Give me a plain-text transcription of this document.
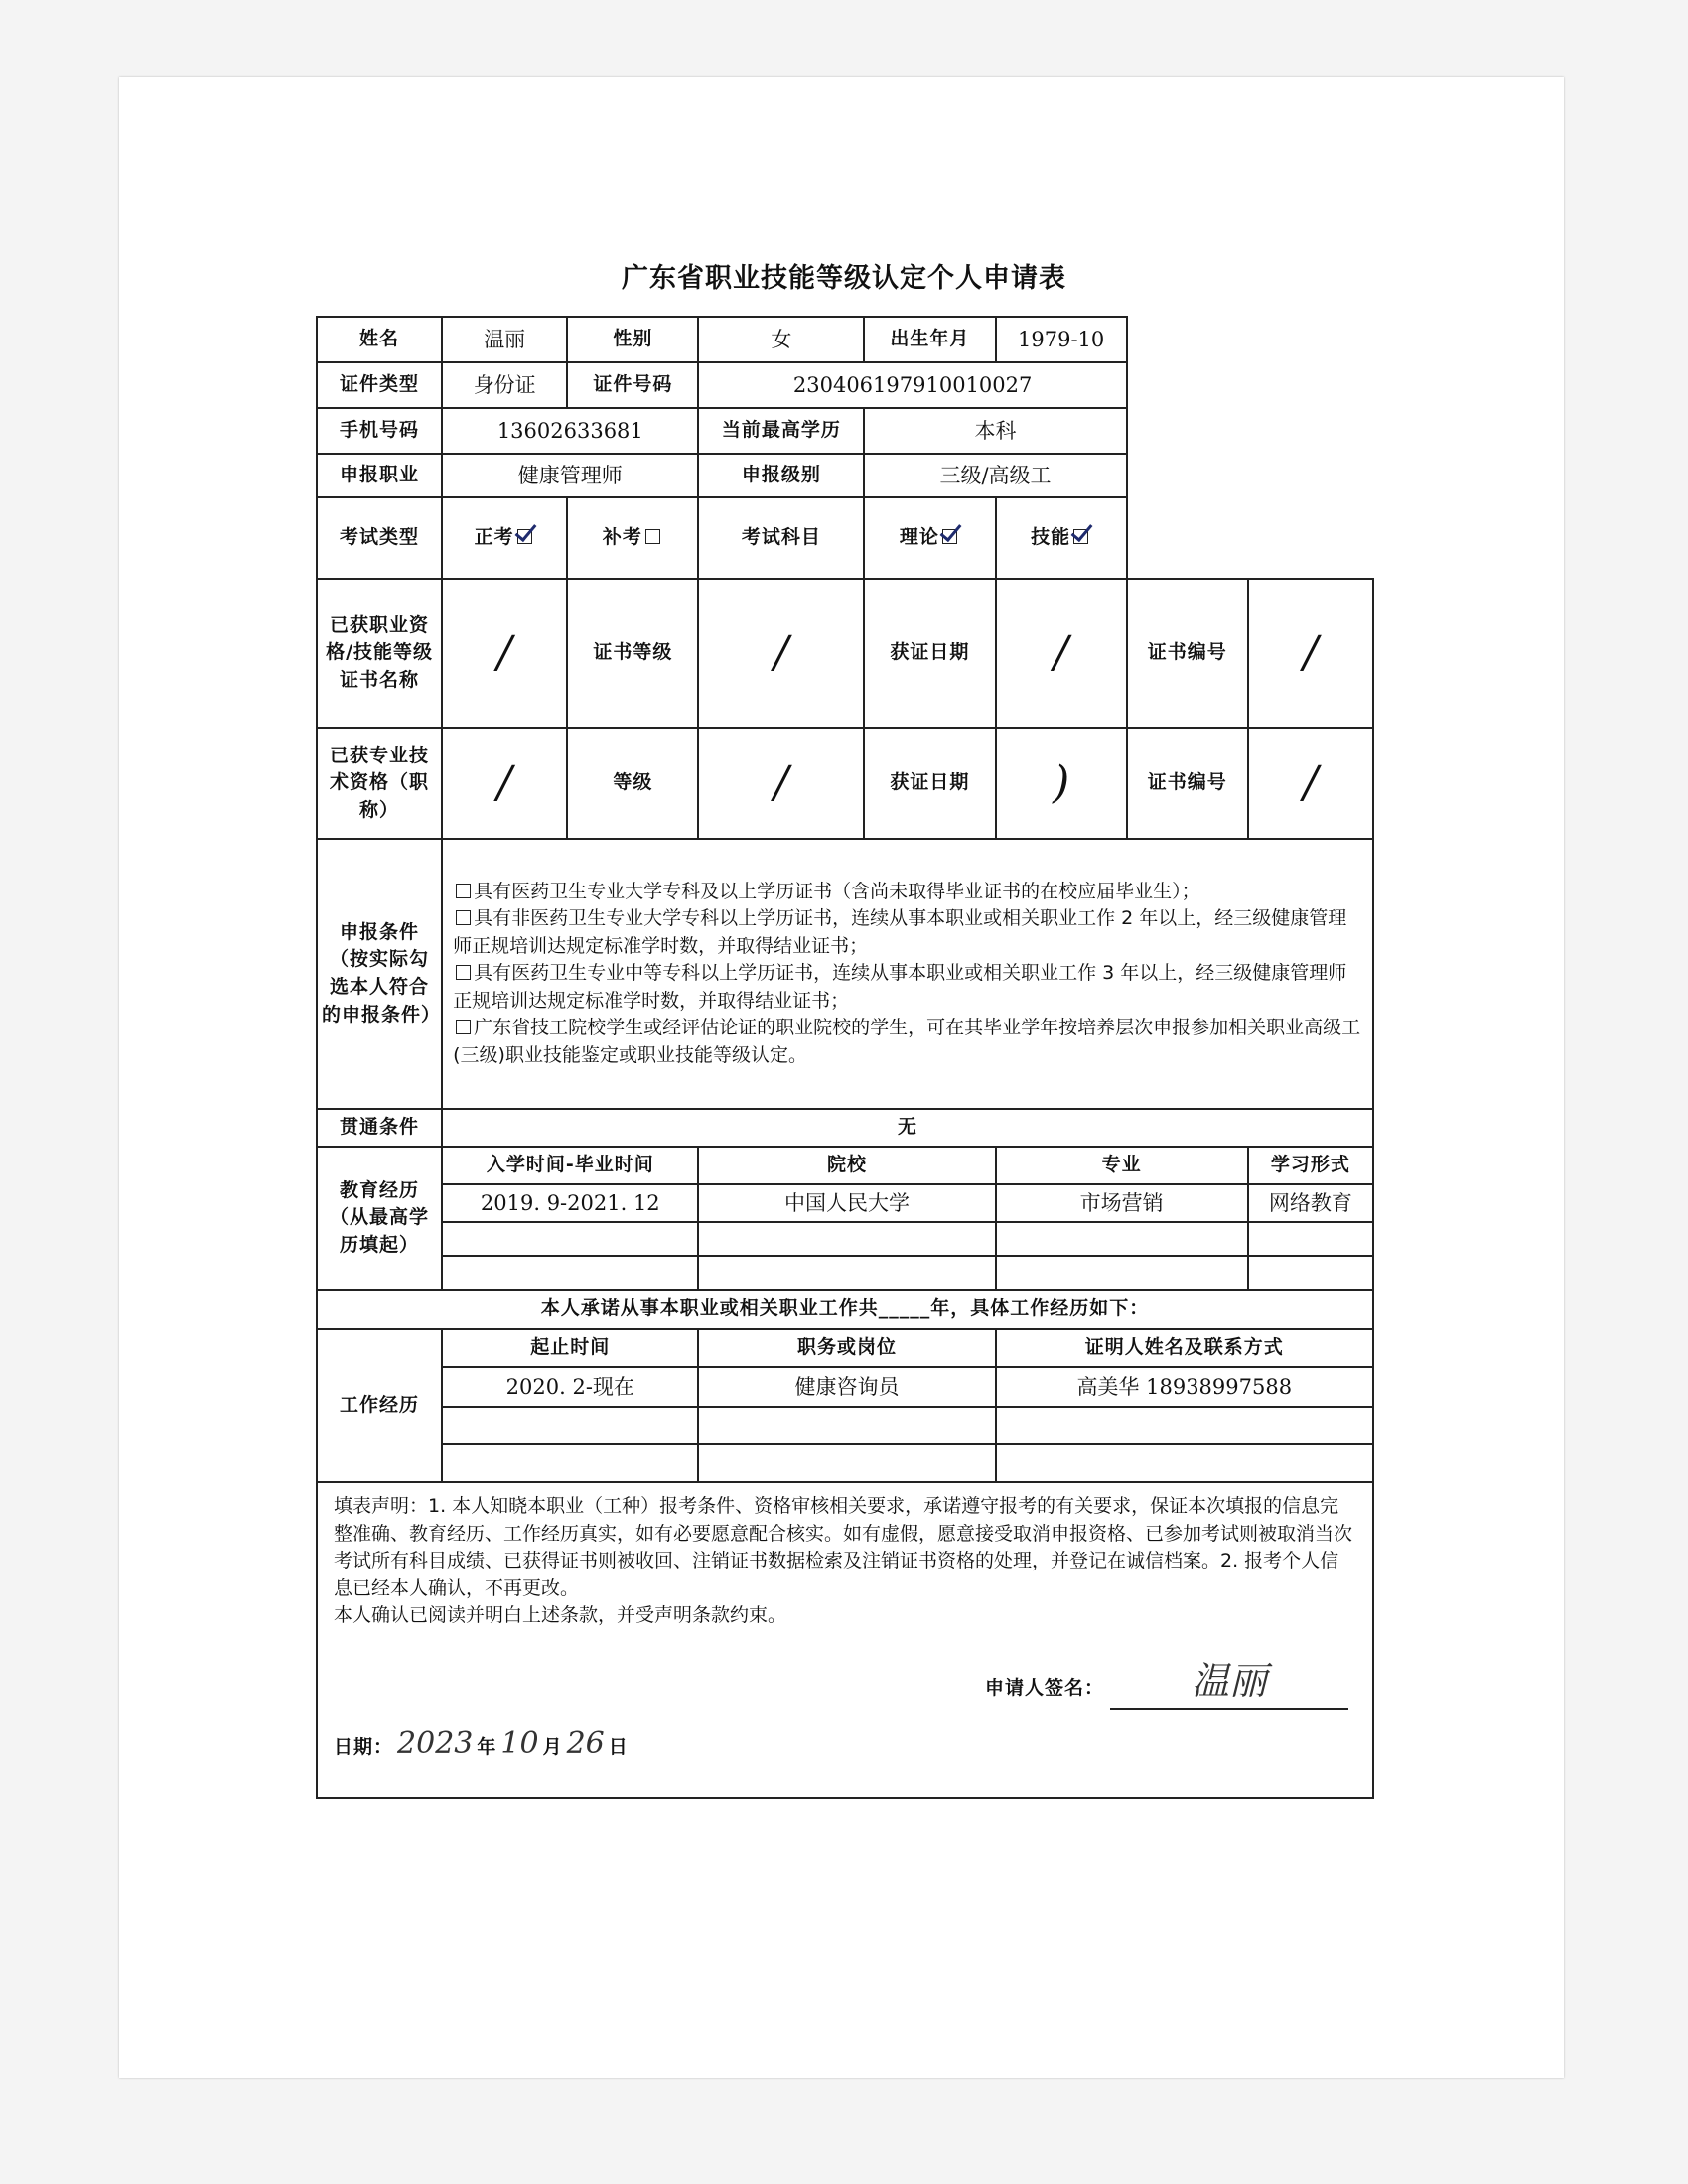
广东省职业技能等级认定个人申请表
姓名	温丽	性别	女	出生年月	1979-10		
证件类型	身份证	证件号码	230406197910010027				
手机号码	13602633681		当前最高学历	本科			
申报职业	健康管理师		申报级别	三级/高级工			
考试类型	正考	补考	考试科目	理论	技能		
已获职业资格/技能等级证书名称	/	证书等级	/	获证日期	/	证书编号	/
已获专业技术资格（职称）	/	等级	/	获证日期	)	证书编号	/
申报条件（按实际勾选本人符合的申报条件）	具有医药卫生专业大学专科及以上学历证书（含尚未取得毕业证书的在校应届毕业生）；
具有非医药卫生专业大学专科以上学历证书，连续从事本职业或相关职业工作 2 年以上，经三级健康管理师正规培训达规定标准学时数，并取得结业证书；
具有医药卫生专业中等专科以上学历证书，连续从事本职业或相关职业工作 3 年以上，经三级健康管理师正规培训达规定标准学时数，并取得结业证书；
广东省技工院校学生或经评估论证的职业院校的学生，可在其毕业学年按培养层次申报参加相关职业高级工(三级)职业技能鉴定或职业技能等级认定。						

贯通条件	无						
教育经历（从最高学历填起）	入学时间-毕业时间		院校		专业		学习形式
	2019. 9-2021. 12		中国人民大学		市场营销		网络教育

本人承诺从事本职业或相关职业工作共_____年，具体工作经历如下：							
工作经历	起止时间		职务或岗位		证明人姓名及联系方式		
	2020. 2-现在		健康咨询员		高美华 18938997588		

填表声明：1. 本人知晓本职业（工种）报考条件、资格审核相关要求，承诺遵守报考的有关要求，保证本次填报的信息完整准确、教育经历、工作经历真实，如有必要愿意配合核实。如有虚假，愿意接受取消申报资格、已参加考试则被取消当次考试所有科目成绩、已获得证书则被收回、注销证书数据检索及注销证书资格的处理，并登记在诚信档案。2. 报考个人信息已经本人确认，不再更改。
本人确认已阅读并明白上述条款，并受声明条款约束。
申请人签名： 温丽
日期： 2023 年 10 月 26 日							
